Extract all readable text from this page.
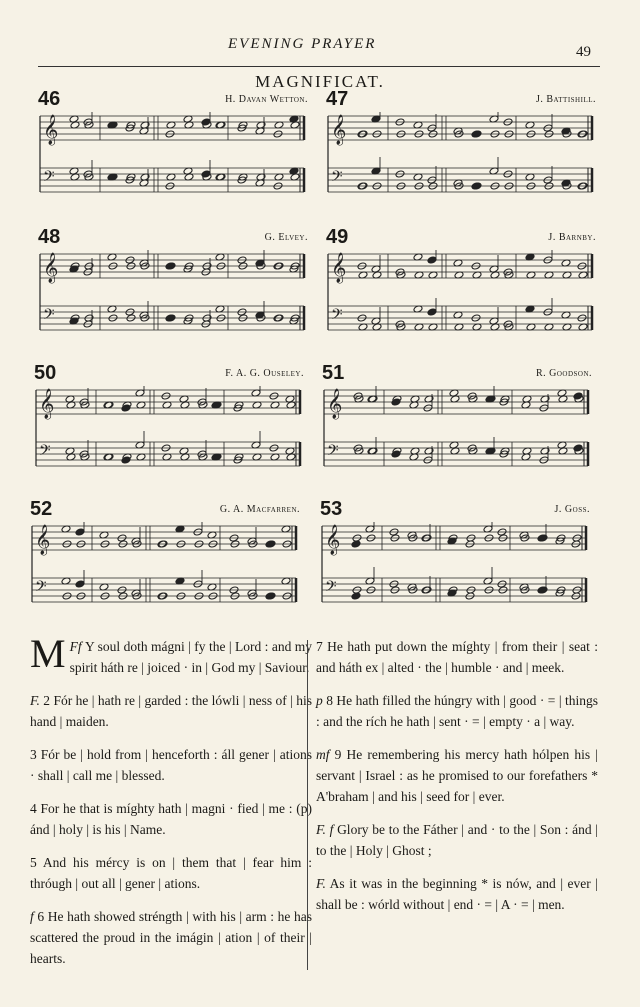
EVENING PRAYER	49
MAGNIFICAT.
46	H. Davan Wetton.
𝄞
𝄢
47	J. Battishill.
𝄞
𝄢
48	G. Elvey.
𝄞
𝄢
49	J. Barnby.
𝄞
𝄢
50	F. A. G. Ouseley.
𝄞
𝄢
51	R. Goodson.
𝄞
𝄢
52	G. A. Macfarren.
𝄞
𝄢
53	J. Goss.
𝄞
𝄢

Ff
M Y soul doth mágni | fy the | Lord : and my spirit háth re | joiced · in | God my | Saviour.

F. 2 Fór he | hath re | garded : the lówli | ness of | his hand | maiden.

3 Fór be | hold from | henceforth : áll gener | ations · shall | call me | blessed.

4 For he that is míghty hath | magni · fied | me : (p) ánd | holy | is his | Name.

5 And his mércy is on | them that | fear him : thróugh | out all | gener | ations.

f 6 He hath showed stréngth | with his | arm : he has scattered the proud in the imágin | ation | of their | hearts.

7 He hath put down the míghty | from their | seat : and háth ex | alted · the | humble · and | meek.

p 8 He hath filled the húngry with | good · = | things : and the rích he hath | sent · = | empty · a | way.

mf 9 He remembering his mercy hath hólpen his | servant | Israel : as he promised to our forefathers * A'braham | and his | seed for | ever.

F. f Glory be to the Fáther | and · to the | Son : ánd | to the | Holy | Ghost ;

F. As it was in the beginning * is nów, and | ever | shall be : wórld without | end · = | A · = | men.
